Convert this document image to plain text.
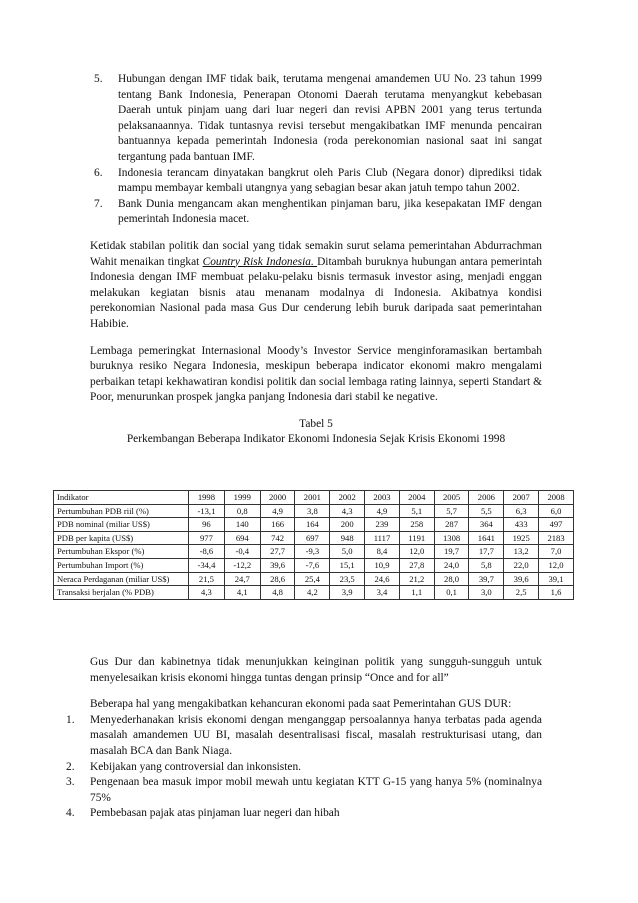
5. Hubungan dengan IMF tidak baik, terutama mengenai amandemen UU No. 23 tahun 1999 tentang Bank Indonesia, Penerapan Otonomi Daerah terutama menyangkut kebebasan Daerah untuk pinjam uang dari luar negeri dan revisi APBN 2001 yang terus tertunda pelaksanaannya. Tidak tuntasnya revisi tersebut mengakibatkan IMF menunda pencairan bantuannya kepada pemerintah Indonesia (roda perekonomian nasional saat ini sangat tergantung pada bantuan IMF.
6. Indonesia terancam dinyatakan bangkrut oleh Paris Club (Negara donor) diprediksi tidak mampu membayar kembali utangnya yang sebagian besar akan jatuh tempo tahun 2002.
7. Bank Dunia mengancam akan menghentikan pinjaman baru, jika kesepakatan IMF dengan pemerintah Indonesia macet.

Ketidak stabilan politik dan social yang tidak semakin surut selama pemerintahan Abdurrachman Wahit menaikan tingkat Country Risk Indonesia. Ditambah buruknya hubungan antara pemerintah Indonesia dengan IMF membuat pelaku-pelaku bisnis termasuk investor asing, menjadi enggan melakukan kegiatan bisnis atau menanam modalnya di Indonesia. Akibatnya kondisi perekonomian Nasional pada masa Gus Dur cenderung lebih buruk daripada saat pemerintahan Habibie.

Lembaga pemeringkat Internasional Moody’s Investor Service menginforamasikan bertambah buruknya resiko Negara Indonesia, meskipun beberapa indicator ekonomi makro mengalami perbaikan tetapi kekhawatiran kondisi politik dan social lembaga rating lainnya, seperti Standart & Poor, menurunkan prospek jangka panjang Indonesia dari stabil ke negative.

Tabel 5

Perkembangan Beberapa Indikator Ekonomi Indonesia Sejak Krisis Ekonomi 1998

Indikator	1998	1999	2000	2001	2002	2003	2004	2005	2006	2007	2008
Pertumbuhan PDB riil (%)	-13,1	0,8	4,9	3,8	4,3	4,9	5,1	5,7	5,5	6,3	6,0
PDB nominal (miliar US$)	96	140	166	164	200	239	258	287	364	433	497
PDB per kapita (US$)	977	694	742	697	948	1117	1191	1308	1641	1925	2183
Pertumbuhan Ekspor (%)	-8,6	-0,4	27,7	-9,3	5,0	8,4	12,0	19,7	17,7	13,2	7,0
Pertumbuhan Import (%)	-34,4	-12,2	39,6	-7,6	15,1	10,9	27,8	24,0	5,8	22,0	12,0
Neraca Perdaganan (miliar US$)	21,5	24,7	28,6	25,4	23,5	24,6	21,2	28,0	39,7	39,6	39,1
Transaksi berjalan (% PDB)	4,3	4,1	4,8	4,2	3,9	3,4	1,1	0,1	3,0	2,5	1,6

Gus Dur dan kabinetnya tidak menunjukkan keinginan politik yang sungguh-sungguh untuk menyelesaikan krisis ekonomi hingga tuntas dengan prinsip “Once and for all”

Beberapa hal yang mengakibatkan kehancuran ekonomi pada saat Pemerintahan GUS DUR:

1. Menyederhanakan krisis ekonomi dengan menganggap persoalannya hanya terbatas pada agenda masalah amandemen UU BI, masalah desentralisasi fiscal, masalah restrukturisasi utang, dan masalah BCA dan Bank Niaga.
2. Kebijakan yang controversial dan inkonsisten.
3. Pengenaan bea masuk impor mobil mewah untu kegiatan KTT G-15 yang hanya 5% (nominalnya 75%
4. Pembebasan pajak atas pinjaman luar negeri dan hibah
